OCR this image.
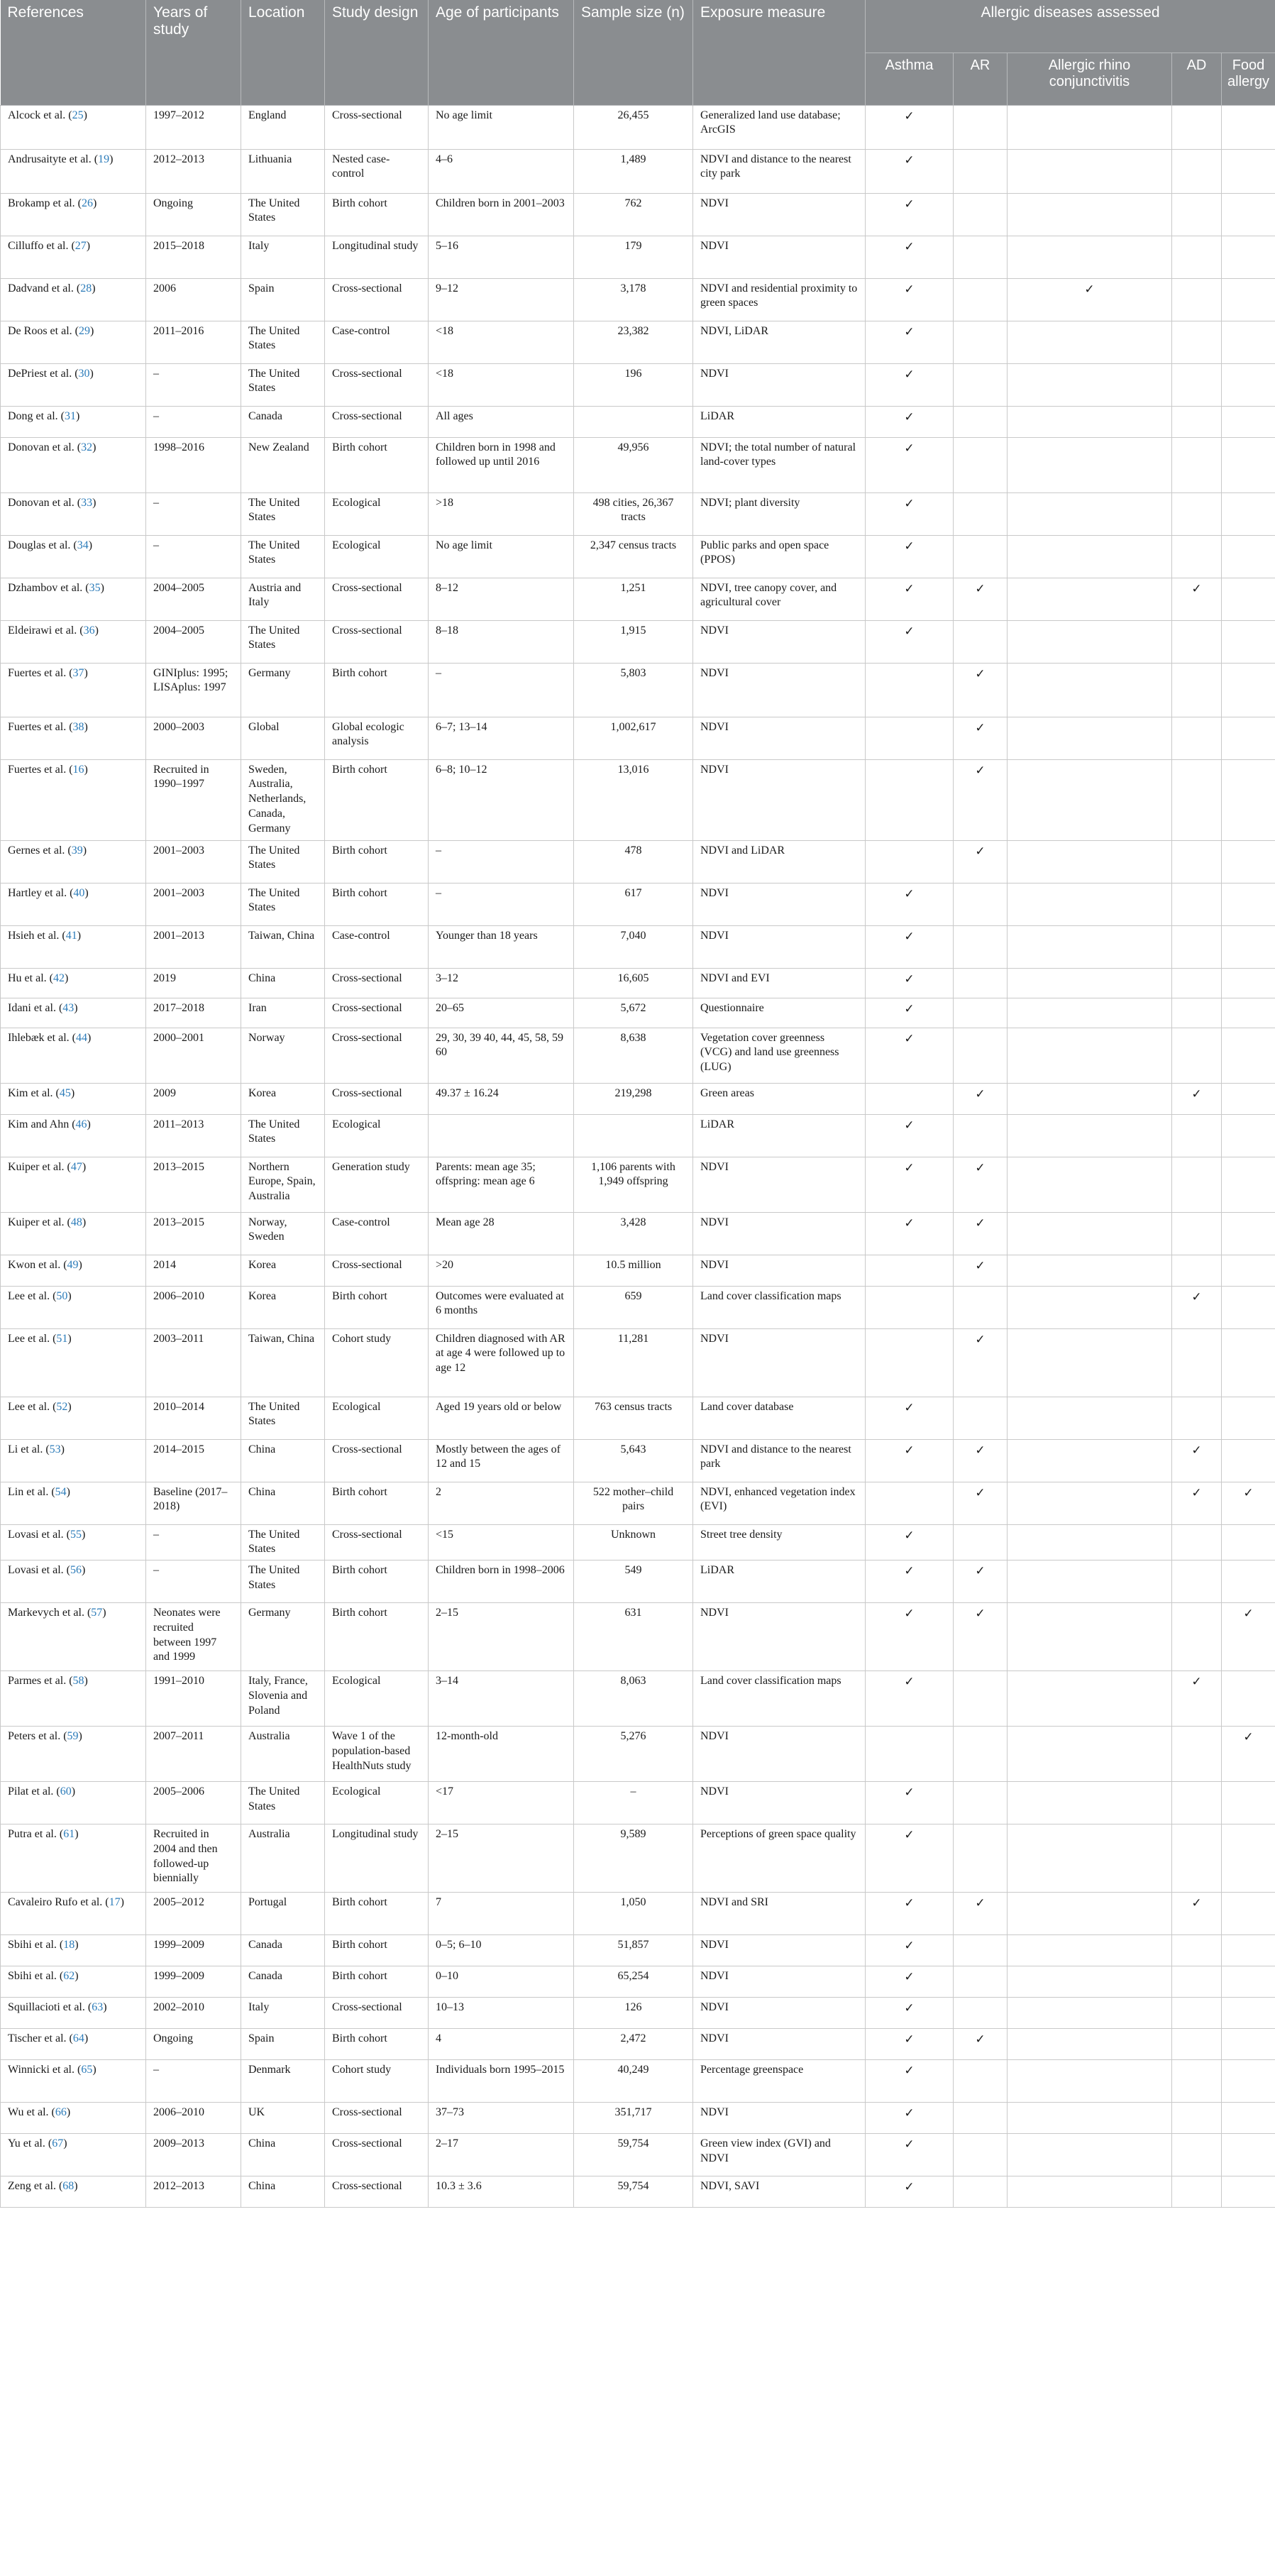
References	Years of study	Location	Study design	Age of participants	Sample size (n)	Exposure measure	Allergic diseases assessed				
							Asthma	AR	Allergic rhino conjunctivitis	AD	Food allergy
Alcock et al. (25)	1997–2012	England	Cross-sectional	No age limit	26,455	Generalized land use database; ArcGIS	✓				
Andrusaityte et al. (19)	2012–2013	Lithuania	Nested case-control	4–6	1,489	NDVI and distance to the nearest city park	✓				
Brokamp et al. (26)	Ongoing	The United States	Birth cohort	Children born in 2001–2003	762	NDVI	✓				
Cilluffo et al. (27)	2015–2018	Italy	Longitudinal study	5–16	179	NDVI	✓				
Dadvand et al. (28)	2006	Spain	Cross-sectional	9–12	3,178	NDVI and residential proximity to green spaces	✓		✓		
De Roos et al. (29)	2011–2016	The United States	Case-control	<18	23,382	NDVI, LiDAR	✓				
DePriest et al. (30)	–	The United States	Cross-sectional	<18	196	NDVI	✓				
Dong et al. (31)	–	Canada	Cross-sectional	All ages		LiDAR	✓				
Donovan et al. (32)	1998–2016	New Zealand	Birth cohort	Children born in 1998 and followed up until 2016	49,956	NDVI; the total number of natural land-cover types	✓				
Donovan et al. (33)	–	The United States	Ecological	>18	498 cities, 26,367 tracts	NDVI; plant diversity	✓				
Douglas et al. (34)	–	The United States	Ecological	No age limit	2,347 census tracts	Public parks and open space (PPOS)	✓				
Dzhambov et al. (35)	2004–2005	Austria and Italy	Cross-sectional	8–12	1,251	NDVI, tree canopy cover, and agricultural cover	✓	✓		✓	
Eldeirawi et al. (36)	2004–2005	The United States	Cross-sectional	8–18	1,915	NDVI	✓				
Fuertes et al. (37)	GINIplus: 1995; LISAplus: 1997	Germany	Birth cohort	–	5,803	NDVI		✓			
Fuertes et al. (38)	2000–2003	Global	Global ecologic analysis	6–7; 13–14	1,002,617	NDVI		✓			
Fuertes et al. (16)	Recruited in 1990–1997	Sweden, Australia, Netherlands, Canada, Germany	Birth cohort	6–8; 10–12	13,016	NDVI		✓			
Gernes et al. (39)	2001–2003	The United States	Birth cohort	–	478	NDVI and LiDAR		✓			
Hartley et al. (40)	2001–2003	The United States	Birth cohort	–	617	NDVI	✓				
Hsieh et al. (41)	2001–2013	Taiwan, China	Case-control	Younger than 18 years	7,040	NDVI	✓				
Hu et al. (42)	2019	China	Cross-sectional	3–12	16,605	NDVI and EVI	✓				
Idani et al. (43)	2017–2018	Iran	Cross-sectional	20–65	5,672	Questionnaire	✓				
Ihlebæk et al. (44)	2000–2001	Norway	Cross-sectional	29, 30, 39 40, 44, 45, 58, 59 60	8,638	Vegetation cover greenness (VCG) and land use greenness (LUG)	✓				
Kim et al. (45)	2009	Korea	Cross-sectional	49.37 ± 16.24	219,298	Green areas		✓		✓	
Kim and Ahn (46)	2011–2013	The United States	Ecological			LiDAR	✓				
Kuiper et al. (47)	2013–2015	Northern Europe, Spain, Australia	Generation study	Parents: mean age 35; offspring: mean age 6	1,106 parents with 1,949 offspring	NDVI	✓	✓			
Kuiper et al. (48)	2013–2015	Norway, Sweden	Case-control	Mean age 28	3,428	NDVI	✓	✓			
Kwon et al. (49)	2014	Korea	Cross-sectional	>20	10.5 million	NDVI		✓			
Lee et al. (50)	2006–2010	Korea	Birth cohort	Outcomes were evaluated at 6 months	659	Land cover classification maps				✓	
Lee et al. (51)	2003–2011	Taiwan, China	Cohort study	Children diagnosed with AR at age 4 were followed up to age 12	11,281	NDVI		✓			
Lee et al. (52)	2010–2014	The United States	Ecological	Aged 19 years old or below	763 census tracts	Land cover database	✓				
Li et al. (53)	2014–2015	China	Cross-sectional	Mostly between the ages of 12 and 15	5,643	NDVI and distance to the nearest park	✓	✓		✓	
Lin et al. (54)	Baseline (2017–2018)	China	Birth cohort	2	522 mother–child pairs	NDVI, enhanced vegetation index (EVI)		✓		✓	✓
Lovasi et al. (55)	–	The United States	Cross-sectional	<15	Unknown	Street tree density	✓				
Lovasi et al. (56)	–	The United States	Birth cohort	Children born in 1998–2006	549	LiDAR	✓	✓			
Markevych et al. (57)	Neonates were recruited between 1997 and 1999	Germany	Birth cohort	2–15	631	NDVI	✓	✓			✓
Parmes et al. (58)	1991–2010	Italy, France, Slovenia and Poland	Ecological	3–14	8,063	Land cover classification maps	✓			✓	
Peters et al. (59)	2007–2011	Australia	Wave 1 of the population-based HealthNuts study	12-month-old	5,276	NDVI					✓
Pilat et al. (60)	2005–2006	The United States	Ecological	<17	–	NDVI	✓				
Putra et al. (61)	Recruited in 2004 and then followed-up biennially	Australia	Longitudinal study	2–15	9,589	Perceptions of green space quality	✓				
Cavaleiro Rufo et al. (17)	2005–2012	Portugal	Birth cohort	7	1,050	NDVI and SRI	✓	✓		✓	
Sbihi et al. (18)	1999–2009	Canada	Birth cohort	0–5; 6–10	51,857	NDVI	✓				
Sbihi et al. (62)	1999–2009	Canada	Birth cohort	0–10	65,254	NDVI	✓				
Squillacioti et al. (63)	2002–2010	Italy	Cross-sectional	10–13	126	NDVI	✓				
Tischer et al. (64)	Ongoing	Spain	Birth cohort	4	2,472	NDVI	✓	✓			
Winnicki et al. (65)	–	Denmark	Cohort study	Individuals born 1995–2015	40,249	Percentage greenspace	✓				
Wu et al. (66)	2006–2010	UK	Cross-sectional	37–73	351,717	NDVI	✓				
Yu et al. (67)	2009–2013	China	Cross-sectional	2–17	59,754	Green view index (GVI) and NDVI	✓				
Zeng et al. (68)	2012–2013	China	Cross-sectional	10.3 ± 3.6	59,754	NDVI, SAVI	✓				
